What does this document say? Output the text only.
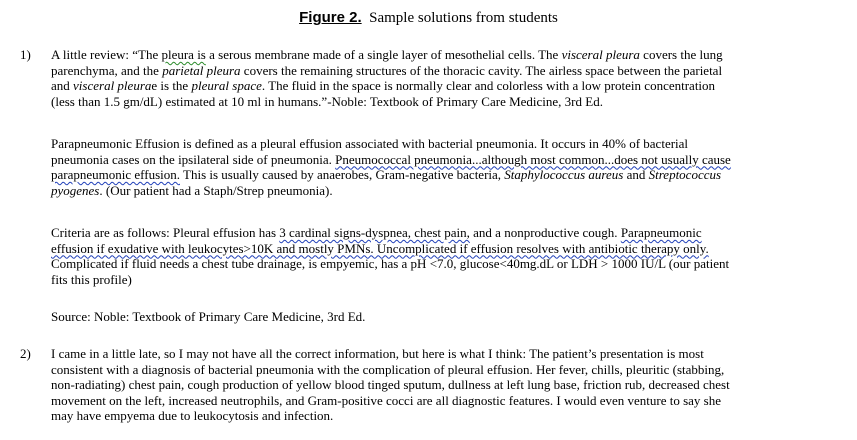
Figure 2. Sample solutions from students
1) A little review: “The pleura is a serous membrane made of a single layer of mesothelial cells. The visceral pleura covers the lung
parenchyma, and the parietal pleura covers the remaining structures of the thoracic cavity. The airless space between the parietal
and visceral pleurae is the pleural space. The fluid in the space is normally clear and colorless with a low protein concentration
(less than 1.5 gm/dL) estimated at 10 ml in humans.”-Noble: Textbook of Primary Care Medicine, 3rd Ed.
Parapneumonic Effusion is defined as a pleural effusion associated with bacterial pneumonia. It occurs in 40% of bacterial
pneumonia cases on the ipsilateral side of pneumonia. Pneumococcal pneumonia...although most common...does not usually cause
parapneumonic effusion. This is usually caused by anaerobes, Gram-negative bacteria, Staphylococcus aureus and Streptococcus
pyogenes. (Our patient had a Staph/Strep pneumonia).
Criteria are as follows: Pleural effusion has 3 cardinal signs-dyspnea, chest pain, and a nonproductive cough. Parapneumonic
effusion if exudative with leukocytes>10K and mostly PMNs. Uncomplicated if effusion resolves with antibiotic therapy only.
Complicated if fluid needs a chest tube drainage, is empyemic, has a pH <7.0, glucose<40mg.dL or LDH > 1000 IU/L (our patient
fits this profile)
Source: Noble: Textbook of Primary Care Medicine, 3rd Ed.
2) I came in a little late, so I may not have all the correct information, but here is what I think: The patient’s presentation is most
consistent with a diagnosis of bacterial pneumonia with the complication of pleural effusion. Her fever, chills, pleuritic (stabbing,
non-radiating) chest pain, cough production of yellow blood tinged sputum, dullness at left lung base, friction rub, decreased chest
movement on the left, increased neutrophils, and Gram-positive cocci are all diagnostic features. I would even venture to say she
may have empyema due to leukocytosis and infection.
